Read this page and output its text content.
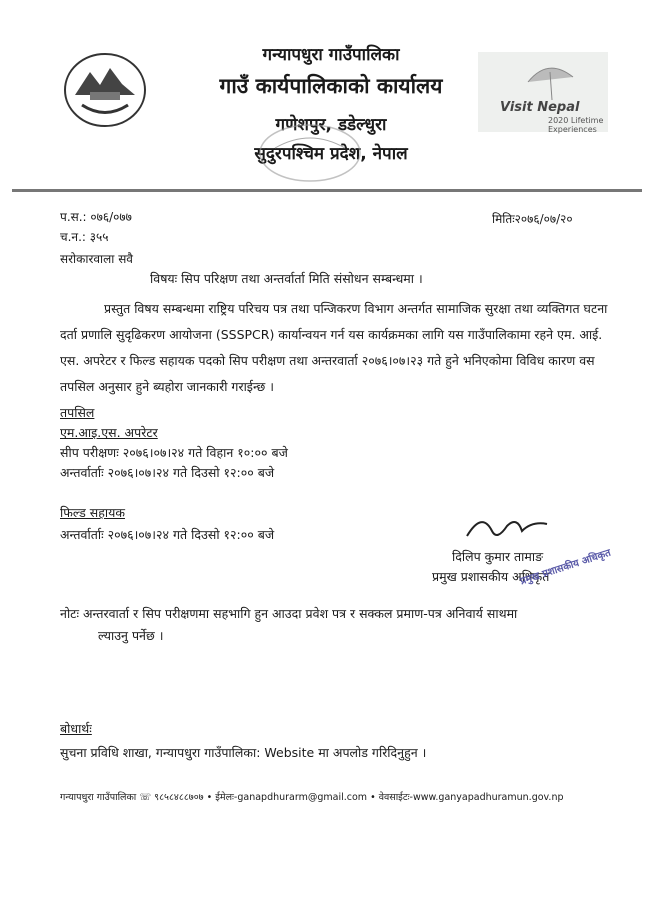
गन्यापधुरा गाउँपालिका
गाउँ कार्यपालिकाको कार्यालय
गणेशपुर, डडेल्धुरा
सुदुरपश्चिम प्रदेश, नेपाल
Visit Nepal
2020 Lifetime Experiences
प.स.: ०७६/०७७
च.न.: ३५५
मितिः२०७६/०७/२०
सरोकारवाला सवै
विषयः सिप परिक्षण तथा अन्तर्वार्ता मिति संसोधन सम्बन्धमा ।
प्रस्तुत विषय सम्बन्धमा राष्ट्रिय परिचय पत्र तथा पन्जिकरण विभाग अन्तर्गत सामाजिक सुरक्षा तथा व्यक्तिगत घटना दर्ता प्रणालि सुदृढिकरण आयोजना (SSSPCR) कार्यान्वयन गर्न यस कार्यक्रमका लागि यस गाउँपालिकामा रहने एम. आई. एस. अपरेटर र फिल्ड सहायक पदको सिप परीक्षण तथा अन्तरवार्ता २०७६।०७।२३ गते हुने भनिएकोमा विविध कारण वस तपसिल अनुसार हुने ब्यहोरा जानकारी गराईन्छ ।
तपसिल
एम.आइ.एस. अपरेटर
सीप परीक्षणः २०७६।०७।२४ गते विहान १०:०० बजे
अन्तर्वार्ताः २०७६।०७।२४ गते दिउसो १२:०० बजे
फिल्ड सहायक
अन्तर्वार्ताः २०७६।०७।२४ गते दिउसो १२:०० बजे
दिलिप कुमार तामाङ
प्रमुख प्रशासकीय अधिकृत
प्रमुख प्रशासकीय अधिकृत
नोटः अन्तरवार्ता र सिप परीक्षणमा सहभागि हुन आउदा प्रवेश पत्र र सक्कल प्रमाण-पत्र अनिवार्य साथमा
ल्याउनु पर्नेछ ।
बोधार्थः
सुचना प्रविधि शाखा, गन्यापधुरा गाउँपालिका: Website मा अपलोड गरिदिनुहुन ।
गन्यापधुरा गाउँपालिका ☏ ९८५८४८८७०७ • ईमेलः-ganapdhurarm@gmail.com • वेवसाईटः-www.ganyapadhuramun.gov.np
